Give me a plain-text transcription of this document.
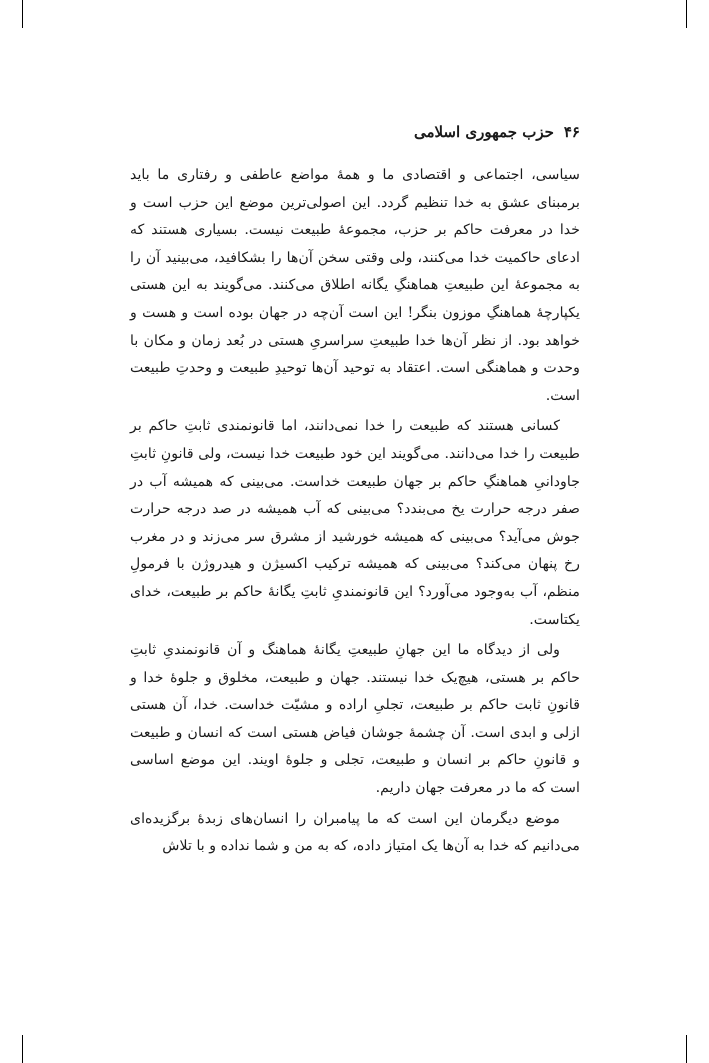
۴۶
حزب جمهوری اسلامی

سیاسی، اجتماعی و اقتصادی ما و همهٔ مواضع عاطفی و رفتاری ما باید برمبنای عشق به خدا تنظیم گردد. این اصولی‌ترین موضع این حزب است و خدا در معرفت حاکم بر حزب، مجموعهٔ طبیعت نیست. بسیاری هستند که ادعای حاکمیت خدا می‌کنند، ولی وقتی سخن آن‌ها را بشکافید، می‌بینید آن را به مجموعهٔ این طبیعتِ هماهنگِ یگانه اطلاق می‌کنند. می‌گویند به این هستی یکپارچهٔ هماهنگِ موزون بنگر! این است آن‌چه در جهان بوده است و هست و خواهد بود. از نظر آن‌ها خدا طبیعتِ سراسریِ هستی در بُعد زمان و مکان با وحدت و هماهنگی است. اعتقاد به توحید آن‌ها توحیدِ طبیعت و وحدتِ طبیعت است.

کسانی هستند که طبیعت را خدا نمی‌دانند، اما قانونمندی ثابتِ حاکم بر طبیعت را خدا می‌دانند. می‌گویند این خود طبیعت خدا نیست، ولی قانونِ ثابتِ جاودانیِ هماهنگِ حاکم بر جهان طبیعت خداست. می‌بینی که همیشه آب در صفر درجه حرارت یخ می‌بندد؟ می‌بینی که آب همیشه در صد درجه حرارت جوش می‌آید؟ می‌بینی که همیشه خورشید از مشرق سر می‌زند و در مغرب رخ پنهان می‌کند؟ می‌بینی که همیشه ترکیب اکسیژن و هیدروژن با فرمولِ منظم، آب به‌وجود می‌آورد؟ این قانونمندیِ ثابتِ یگانهٔ حاکم بر طبیعت، خدای یکتاست.

ولی از دیدگاه ما این جهانِ طبیعتِ یگانهٔ هماهنگ و آن قانونمندیِ ثابتِ حاکم بر هستی، هیچ‌یک خدا نیستند. جهان و طبیعت، مخلوق و جلوهٔ خدا و قانونِ ثابت حاکم بر طبیعت، تجلیِ اراده و مشیّت خداست. خدا، آن هستی ازلی و ابدی است. آن چشمهٔ جوشان فیاض هستی است که انسان و طبیعت و قانونِ حاکم بر انسان و طبیعت، تجلی و جلوهٔ اویند. این موضع اساسی است که ما در معرفت جهان داریم.

موضع دیگرمان این است که ما پیامبران را انسان‌های زبدهٔ برگزیده‌ای می‌دانیم که خدا به آن‌ها یک امتیاز داده، که به من و شما نداده و با تلاش
